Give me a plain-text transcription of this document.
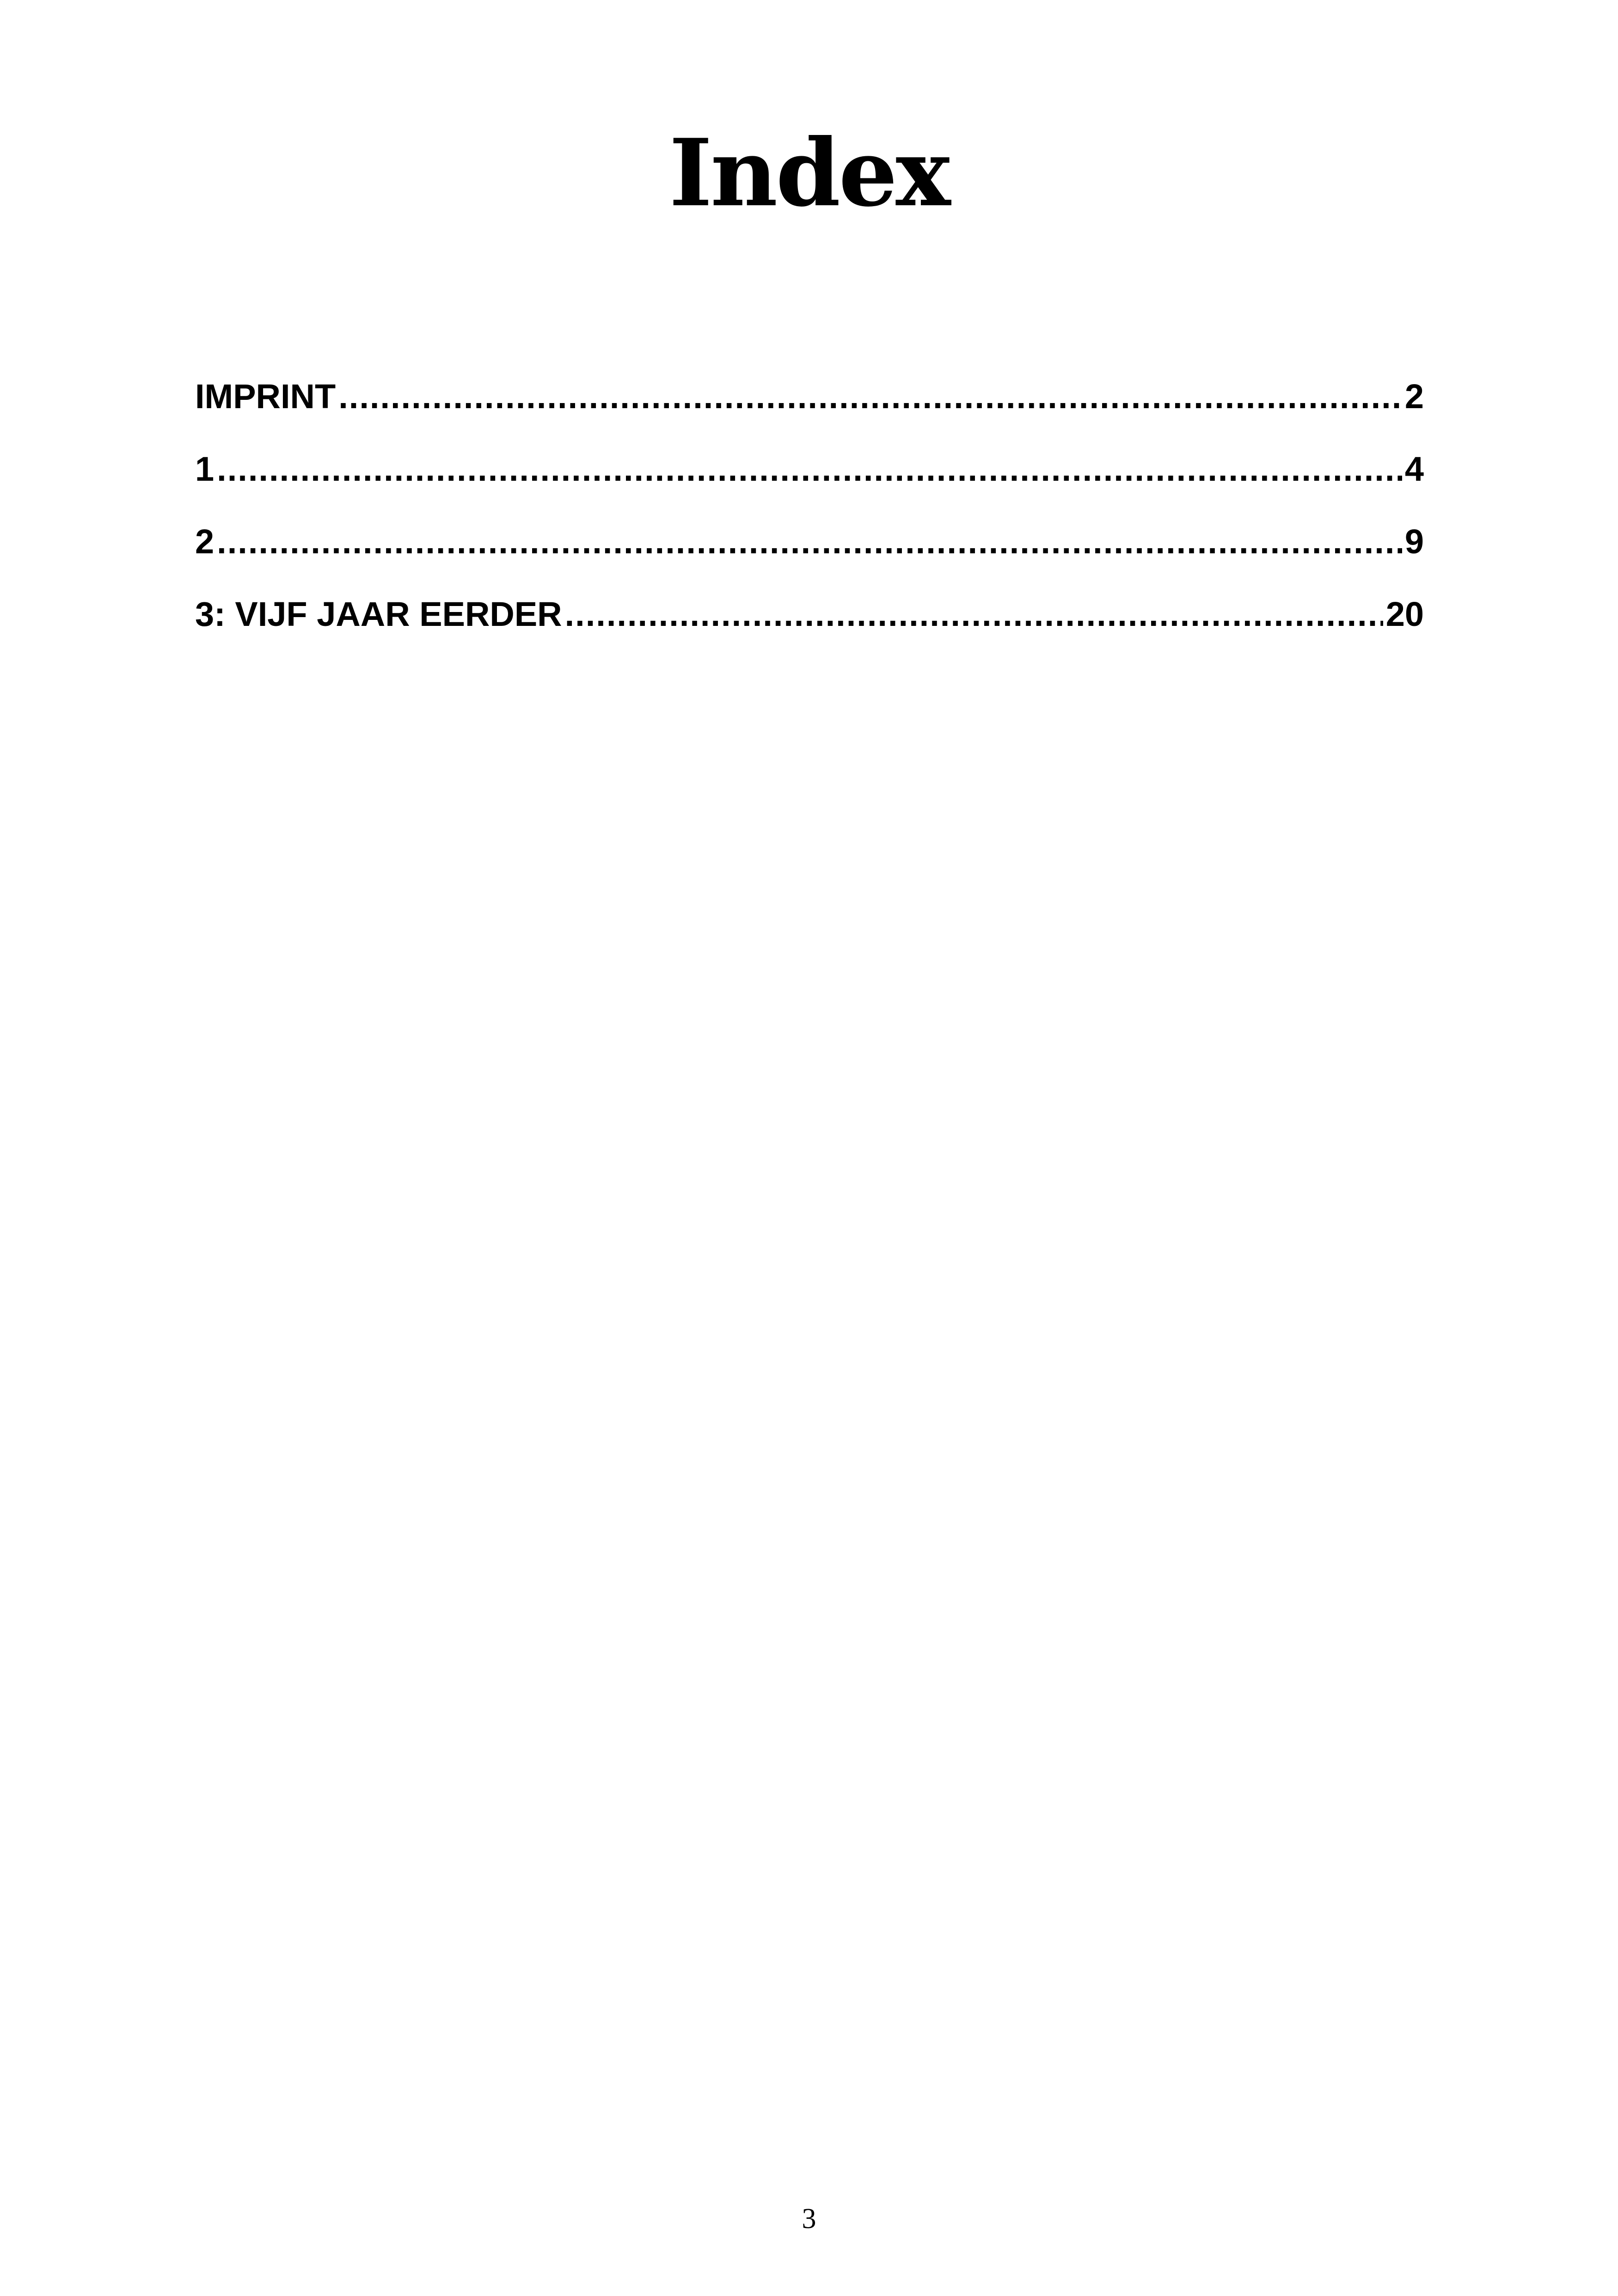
Index
IMPRINT .....	2
1 .....	4
2 .....	9
3: VIJF JAAR EERDER .....	20
3
